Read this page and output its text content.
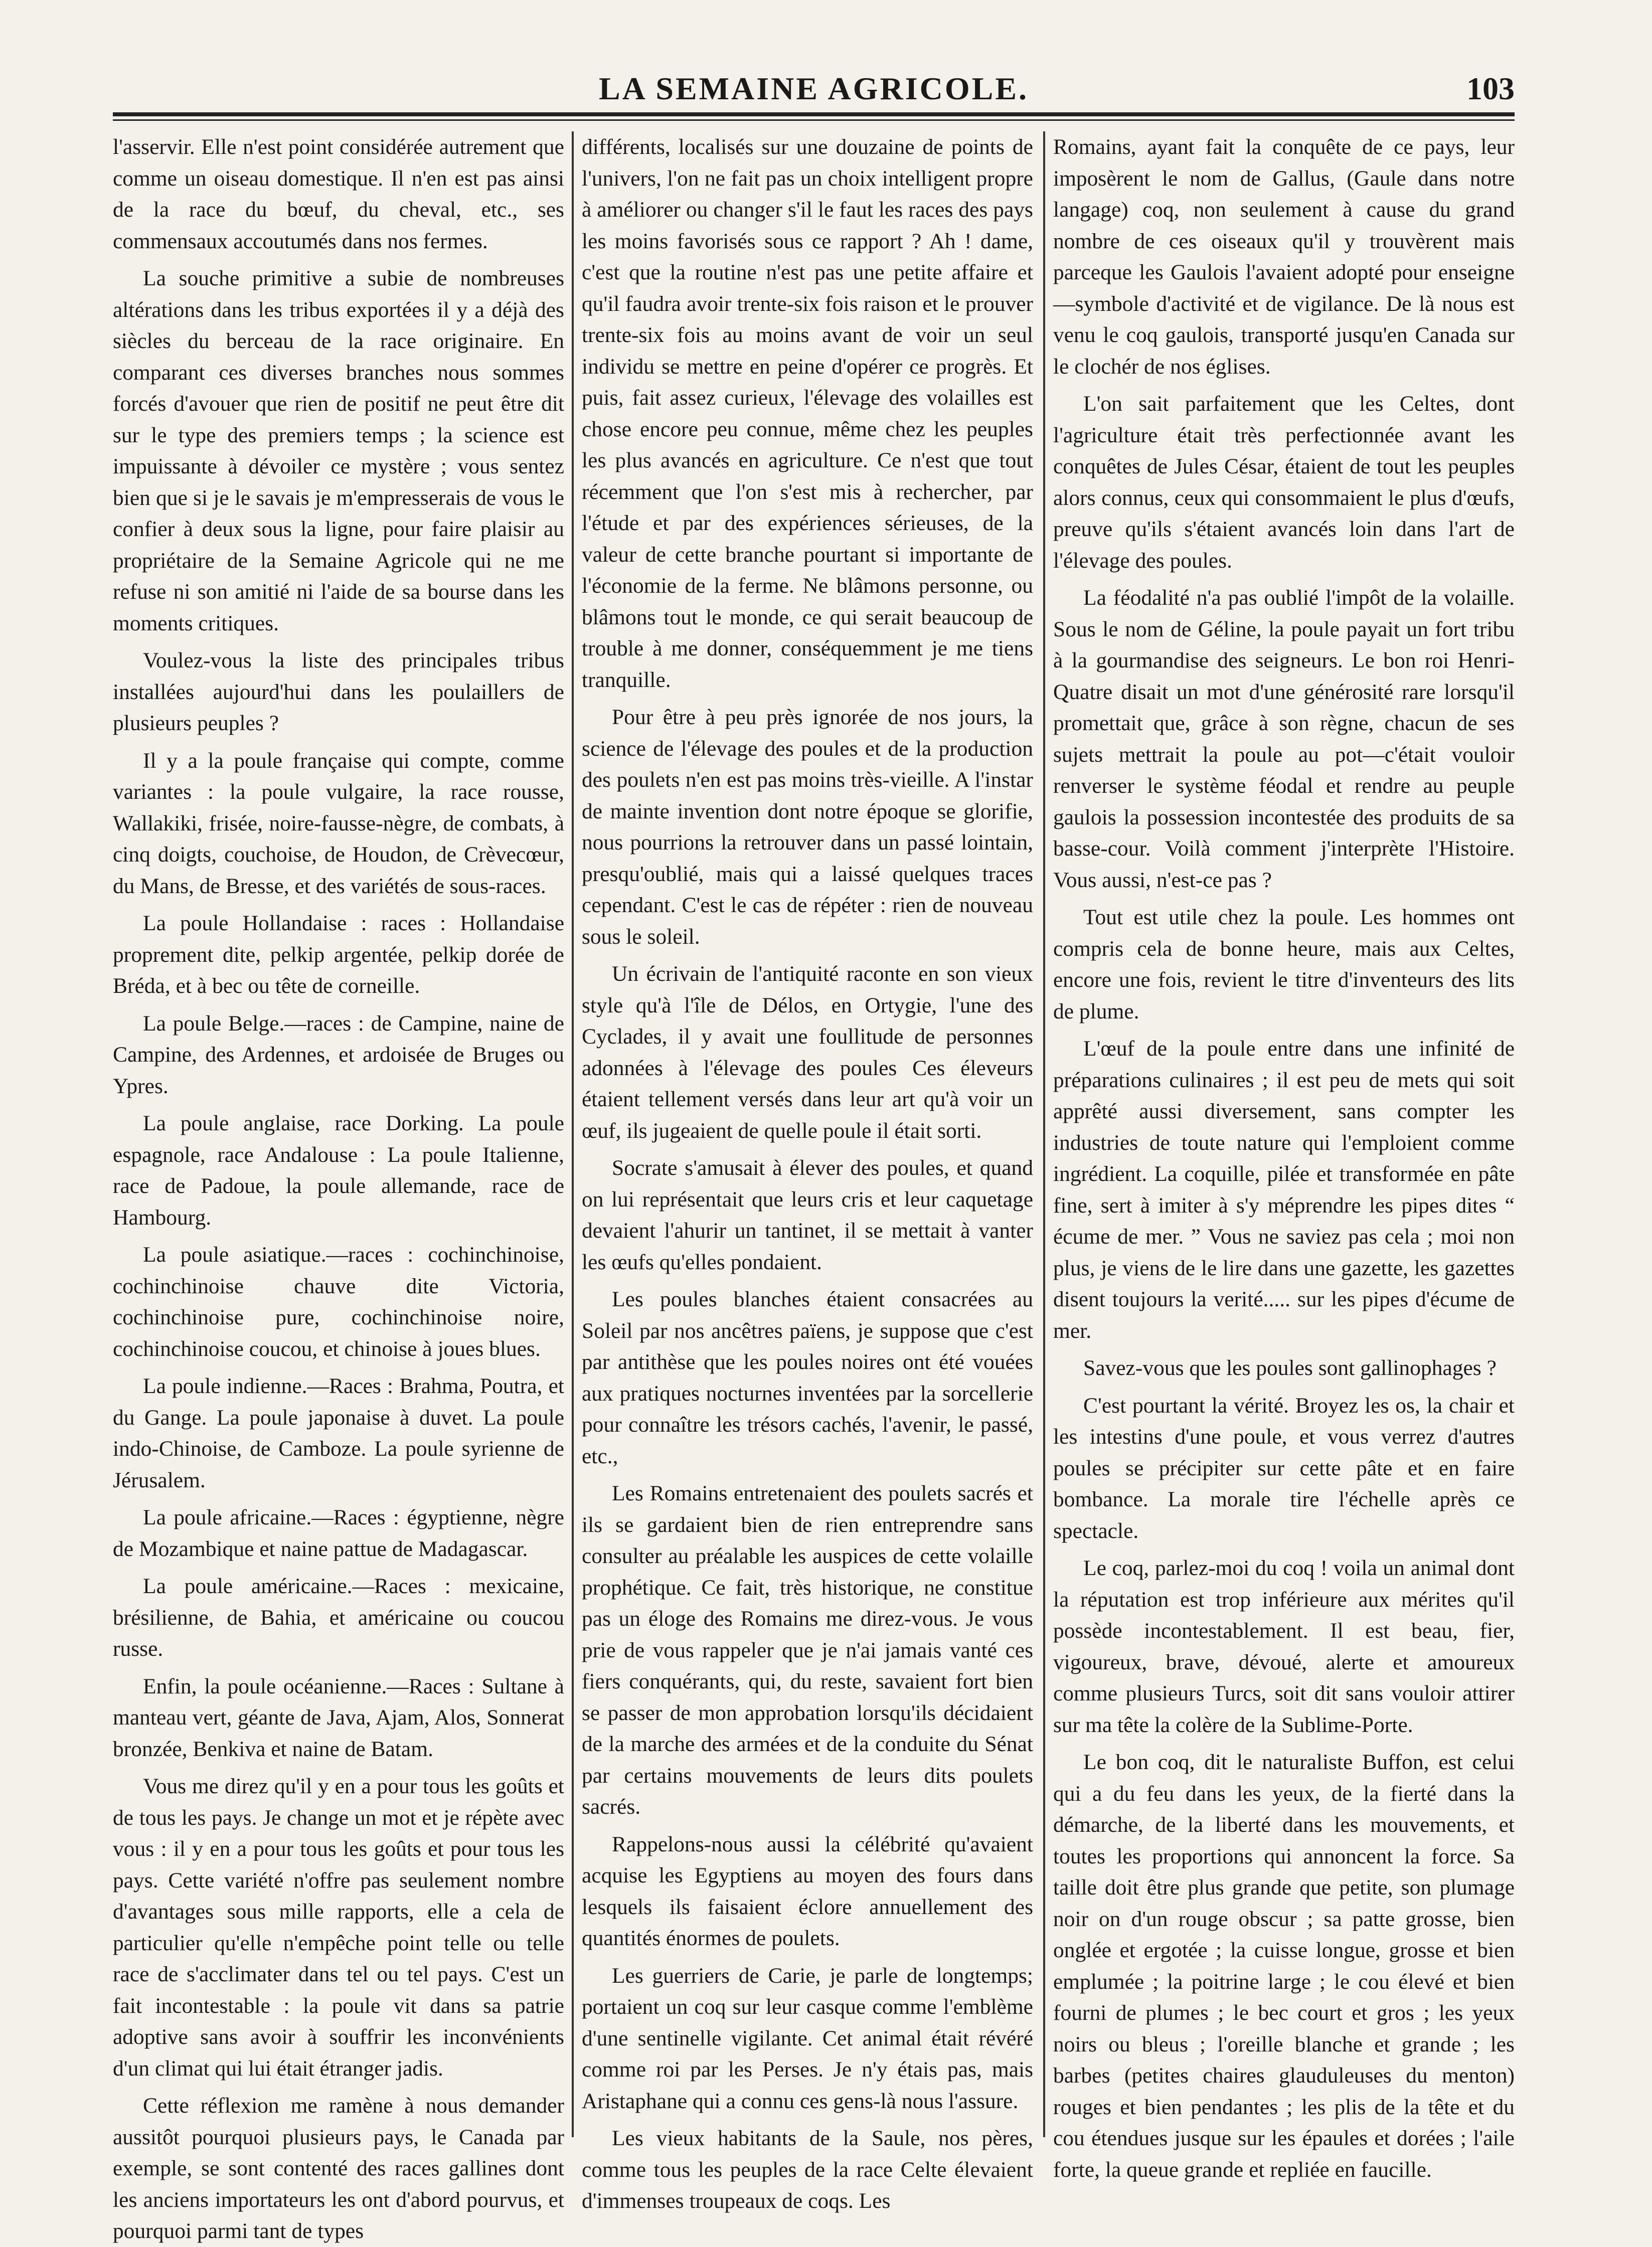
LA SEMAINE AGRICOLE.	103

l'asservir. Elle n'est point considérée autrement que comme un oiseau domestique. Il n'en est pas ainsi de la race du bœuf, du cheval, etc., ses commensaux accoutumés dans nos fermes.

La souche primitive a subie de nombreuses altérations dans les tribus exportées il y a déjà des siècles du berceau de la race originaire. En comparant ces diverses branches nous sommes forcés d'avouer que rien de positif ne peut être dit sur le type des premiers temps ; la science est impuissante à dévoiler ce mystère ; vous sentez bien que si je le savais je m'empresserais de vous le confier à deux sous la ligne, pour faire plaisir au propriétaire de la Semaine Agricole qui ne me refuse ni son amitié ni l'aide de sa bourse dans les moments critiques.

Voulez-vous la liste des principales tribus installées aujourd'hui dans les poulaillers de plusieurs peuples ?

Il y a la poule française qui compte, comme variantes : la poule vulgaire, la race rousse, Wallakiki, frisée, noire-fausse-nègre, de combats, à cinq doigts, couchoise, de Houdon, de Crèvecœur, du Mans, de Bresse, et des variétés de sous-races.

La poule Hollandaise : races : Hollandaise proprement dite, pelkip argentée, pelkip dorée de Bréda, et à bec ou tête de corneille.

La poule Belge.—races : de Campine, naine de Campine, des Ardennes, et ardoisée de Bruges ou Ypres.

La poule anglaise, race Dorking. La poule espagnole, race Andalouse : La poule Italienne, race de Padoue, la poule allemande, race de Hambourg.

La poule asiatique.—races : cochinchinoise, cochinchinoise chauve dite Victoria, cochinchinoise pure, cochinchinoise noire, cochinchinoise coucou, et chinoise à joues blues.

La poule indienne.—Races : Brahma, Poutra, et du Gange. La poule japonaise à duvet. La poule indo-Chinoise, de Camboze. La poule syrienne de Jérusalem.

La poule africaine.—Races : égyptienne, nègre de Mozambique et naine pattue de Madagascar.

La poule américaine.—Races : mexicaine, brésilienne, de Bahia, et américaine ou coucou russe.

Enfin, la poule océanienne.—Races : Sultane à manteau vert, géante de Java, Ajam, Alos, Sonnerat bronzée, Benkiva et naine de Batam.

Vous me direz qu'il y en a pour tous les goûts et de tous les pays. Je change un mot et je répète avec vous : il y en a pour tous les goûts et pour tous les pays. Cette variété n'offre pas seulement nombre d'avantages sous mille rapports, elle a cela de particulier qu'elle n'empêche point telle ou telle race de s'acclimater dans tel ou tel pays. C'est un fait incontestable : la poule vit dans sa patrie adoptive sans avoir à souffrir les inconvénients d'un climat qui lui était étranger jadis.

Cette réflexion me ramène à nous demander aussitôt pourquoi plusieurs pays, le Canada par exemple, se sont contenté des races gallines dont les anciens importateurs les ont d'abord pourvus, et pourquoi parmi tant de types

différents, localisés sur une douzaine de points de l'univers, l'on ne fait pas un choix intelligent propre à améliorer ou changer s'il le faut les races des pays les moins favorisés sous ce rapport ? Ah ! dame, c'est que la routine n'est pas une petite affaire et qu'il faudra avoir trente-six fois raison et le prouver trente-six fois au moins avant de voir un seul individu se mettre en peine d'opérer ce progrès. Et puis, fait assez curieux, l'élevage des volailles est chose encore peu connue, même chez les peuples les plus avancés en agriculture. Ce n'est que tout récemment que l'on s'est mis à rechercher, par l'étude et par des expériences sérieuses, de la valeur de cette branche pourtant si importante de l'économie de la ferme. Ne blâmons personne, ou blâmons tout le monde, ce qui serait beaucoup de trouble à me donner, conséquemment je me tiens tranquille.

Pour être à peu près ignorée de nos jours, la science de l'élevage des poules et de la production des poulets n'en est pas moins très-vieille. A l'instar de mainte invention dont notre époque se glorifie, nous pourrions la retrouver dans un passé lointain, presqu'oublié, mais qui a laissé quelques traces cependant. C'est le cas de répéter : rien de nouveau sous le soleil.

Un écrivain de l'antiquité raconte en son vieux style qu'à l'île de Délos, en Ortygie, l'une des Cyclades, il y avait une foullitude de personnes adonnées à l'élevage des poules Ces éleveurs étaient tellement versés dans leur art qu'à voir un œuf, ils jugeaient de quelle poule il était sorti.

Socrate s'amusait à élever des poules, et quand on lui représentait que leurs cris et leur caquetage devaient l'ahurir un tantinet, il se mettait à vanter les œufs qu'elles pondaient.

Les poules blanches étaient consacrées au Soleil par nos ancêtres païens, je suppose que c'est par antithèse que les poules noires ont été vouées aux pratiques nocturnes inventées par la sorcellerie pour connaître les trésors cachés, l'avenir, le passé, etc.,

Les Romains entretenaient des poulets sacrés et ils se gardaient bien de rien entreprendre sans consulter au préalable les auspices de cette volaille prophétique. Ce fait, très historique, ne constitue pas un éloge des Romains me direz-vous. Je vous prie de vous rappeler que je n'ai jamais vanté ces fiers conquérants, qui, du reste, savaient fort bien se passer de mon approbation lorsqu'ils décidaient de la marche des armées et de la conduite du Sénat par certains mouvements de leurs dits poulets sacrés.

Rappelons-nous aussi la célébrité qu'avaient acquise les Egyptiens au moyen des fours dans lesquels ils faisaient éclore annuellement des quantités énormes de poulets.

Les guerriers de Carie, je parle de longtemps; portaient un coq sur leur casque comme l'emblème d'une sentinelle vigilante. Cet animal était révéré comme roi par les Perses. Je n'y étais pas, mais Aristaphane qui a connu ces gens-là nous l'assure.

Les vieux habitants de la Saule, nos pères, comme tous les peuples de la race Celte élevaient d'immenses troupeaux de coqs. Les

Romains, ayant fait la conquête de ce pays, leur imposèrent le nom de Gallus, (Gaule dans notre langage) coq, non seulement à cause du grand nombre de ces oiseaux qu'il y trouvèrent mais parceque les Gaulois l'avaient adopté pour enseigne—symbole d'activité et de vigilance. De là nous est venu le coq gaulois, transporté jusqu'en Canada sur le clochér de nos églises.

L'on sait parfaitement que les Celtes, dont l'agriculture était très perfectionnée avant les conquêtes de Jules César, étaient de tout les peuples alors connus, ceux qui consommaient le plus d'œufs, preuve qu'ils s'étaient avancés loin dans l'art de l'élevage des poules.

La féodalité n'a pas oublié l'impôt de la volaille. Sous le nom de Géline, la poule payait un fort tribu à la gourmandise des seigneurs. Le bon roi Henri-Quatre disait un mot d'une générosité rare lorsqu'il promettait que, grâce à son règne, chacun de ses sujets mettrait la poule au pot—c'était vouloir renverser le système féodal et rendre au peuple gaulois la possession incontestée des produits de sa basse-cour. Voilà comment j'interprète l'Histoire. Vous aussi, n'est-ce pas ?

Tout est utile chez la poule. Les hommes ont compris cela de bonne heure, mais aux Celtes, encore une fois, revient le titre d'inventeurs des lits de plume.

L'œuf de la poule entre dans une infinité de préparations culinaires ; il est peu de mets qui soit apprêté aussi diversement, sans compter les industries de toute nature qui l'emploient comme ingrédient. La coquille, pilée et transformée en pâte fine, sert à imiter à s'y méprendre les pipes dites “ écume de mer. ” Vous ne saviez pas cela ; moi non plus, je viens de le lire dans une gazette, les gazettes disent toujours la verité..... sur les pipes d'écume de mer.

Savez-vous que les poules sont gallinophages ?

C'est pourtant la vérité. Broyez les os, la chair et les intestins d'une poule, et vous verrez d'autres poules se précipiter sur cette pâte et en faire bombance. La morale tire l'échelle après ce spectacle.

Le coq, parlez-moi du coq ! voila un animal dont la réputation est trop inférieure aux mérites qu'il possède incontestablement. Il est beau, fier, vigoureux, brave, dévoué, alerte et amoureux comme plusieurs Turcs, soit dit sans vouloir attirer sur ma tête la colère de la Sublime-Porte.

Le bon coq, dit le naturaliste Buffon, est celui qui a du feu dans les yeux, de la fierté dans la démarche, de la liberté dans les mouvements, et toutes les proportions qui annoncent la force. Sa taille doit être plus grande que petite, son plumage noir on d'un rouge obscur ; sa patte grosse, bien onglée et ergotée ; la cuisse longue, grosse et bien emplumée ; la poitrine large ; le cou élevé et bien fourni de plumes ; le bec court et gros ; les yeux noirs ou bleus ; l'oreille blanche et grande ; les barbes (petites chaires glauduleuses du menton) rouges et bien pendantes ; les plis de la tête et du cou étendues jusque sur les épaules et dorées ; l'aile forte, la queue grande et repliée en faucille.
